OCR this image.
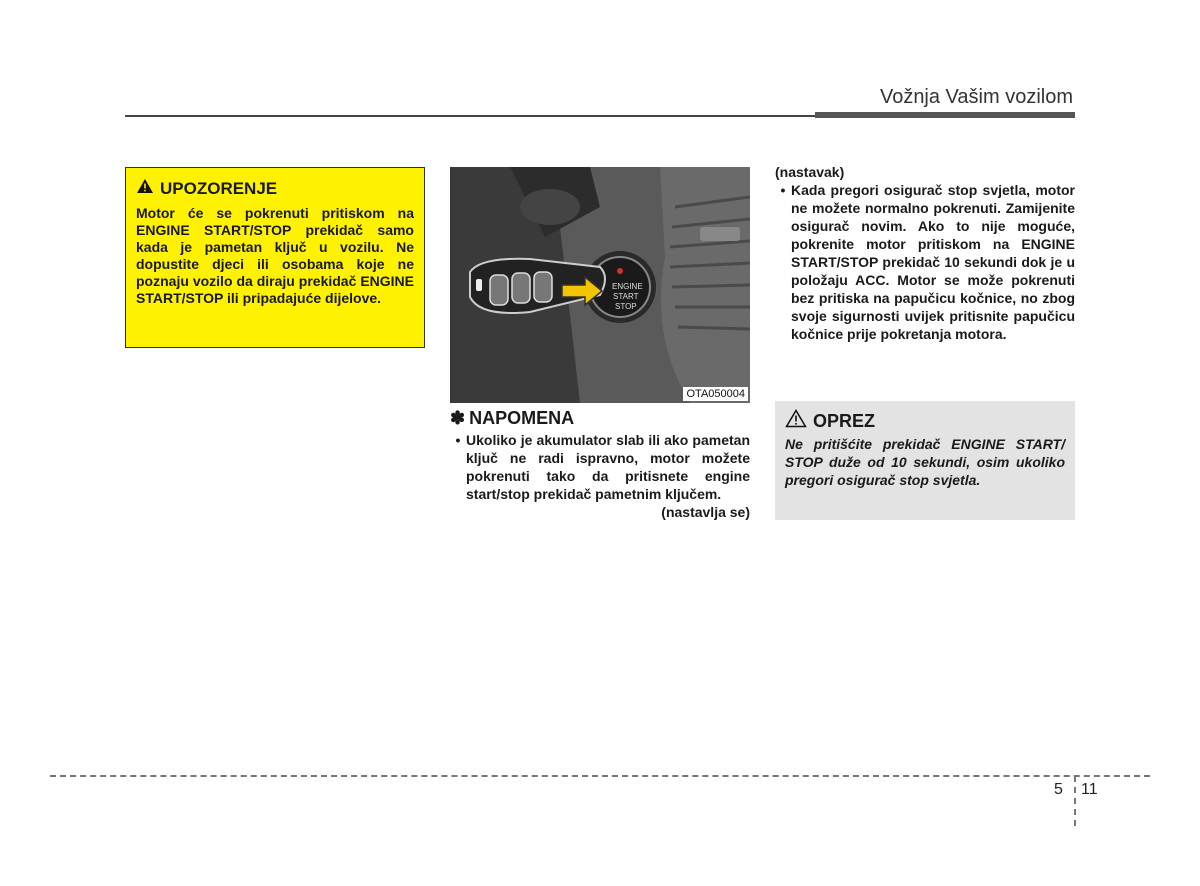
Vožnja Vašim vozilom
UPOZORENJE
Motor će se pokrenuti pritiskom na ENGINE START/STOP prekidač samo kada je pametan ključ u vozilu. Ne dopustite djeci ili osobama koje ne poznaju vozilo da diraju prekidač ENGINE START/STOP ili pripadajuće dijelove.
ENGINE
START
STOP
OTA050004
✽ NAPOMENA
• Ukoliko je akumulator slab ili ako pametan ključ ne radi ispravno, motor možete pokrenuti tako da pritisnete engine start/stop prekidač pametnim ključem.
(nastavlja se)
(nastavak)
• Kada pregori osigurač stop svjetla, motor ne možete normalno pokrenuti. Zamijenite osigurač novim. Ako to nije moguće, pokrenite motor pritiskom na ENGINE START/STOP prekidač 10 sekundi dok je u položaju ACC. Motor se može pokrenuti bez pritiska na papučicu kočnice, no zbog svoje sigurnosti uvijek pritisnite papučicu kočnice prije pokretanja motora.
OPREZ
Ne pritišćite prekidač ENGINE START/ STOP duže od 10 sekundi, osim ukoliko pregori osigurač stop svjetla.
5 11
